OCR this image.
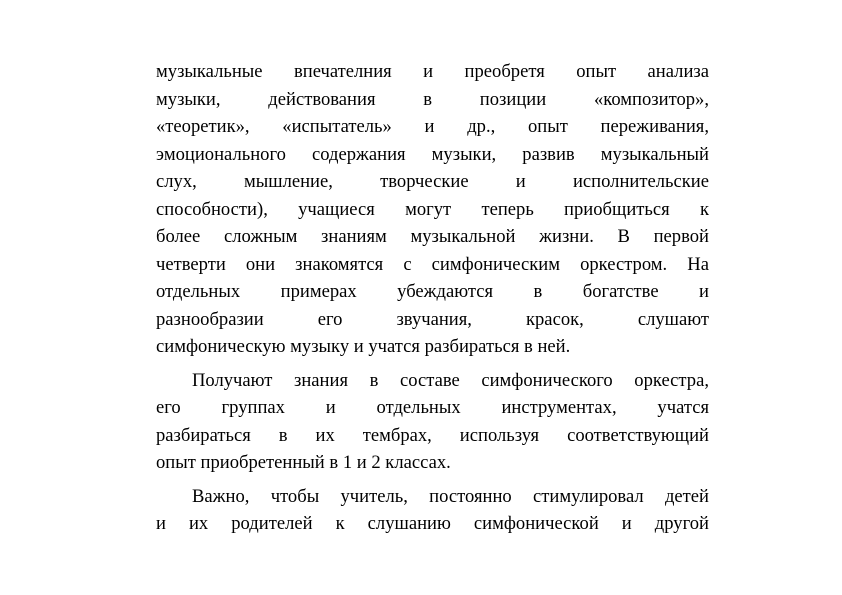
музыкальные впечателния и преобретя опыт анализа
музыки, действования в позиции «композитор»,
«теоретик», «испытатель» и др., опыт переживания,
эмоционального содержания музыки, развив музыкальный
слух, мышление, творческие и исполнительские
способности), учащиеся могут теперь приобщиться к
более сложным знаниям музыкальной жизни. В первой
четверти они знакомятся с симфоническим оркестром. На
отдельных примерах убеждаются в богатстве и
разнообразии его звучания, красок, слушают
симфоническую музыку и учатся разбираться в ней.
Получают знания в составе симфонического оркестра,
его группах и отдельных инструментах, учатся
разбираться в их тембрах, используя соответствующий
опыт приобретенный в 1 и 2 классах.
Важно, чтобы учитель, постоянно стимулировал детей
и их родителей к слушанию симфонической и другой
